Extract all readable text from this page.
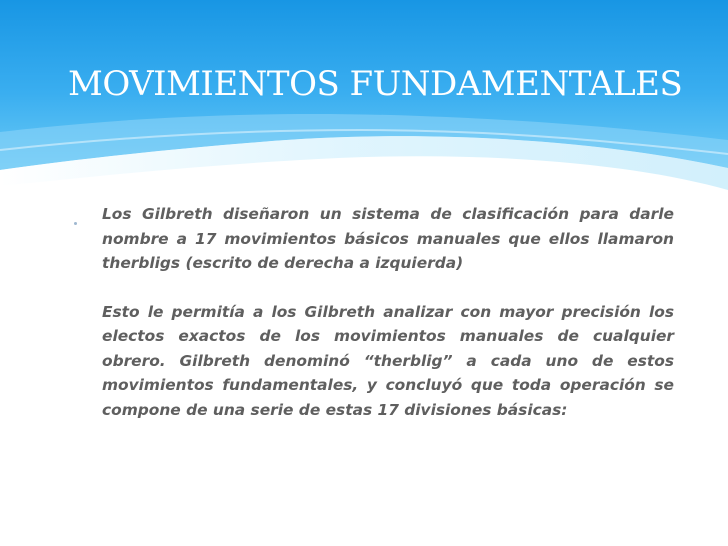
MOVIMIENTOS FUNDAMENTALES

Los Gilbreth diseñaron un sistema de clasificación para darle nombre a 17 movimientos básicos manuales que ellos llamaron therbligs (escrito de derecha a izquierda)

Esto le permitía a los Gilbreth analizar con mayor precisión los electos exactos de los movimientos manuales de cualquier obrero. Gilbreth denominó “therblig” a cada uno de estos movimientos fundamentales, y concluyó que toda operación se compone de una serie de estas 17 divisiones básicas:
